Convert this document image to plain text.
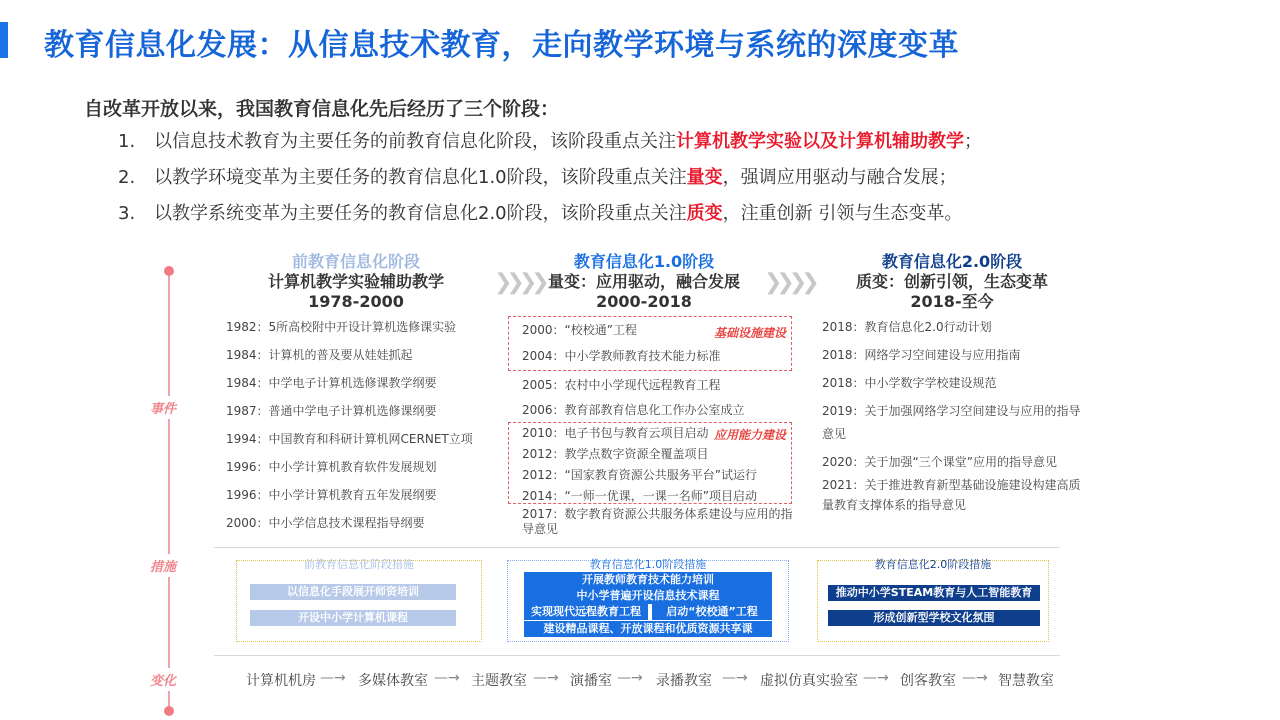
教育信息化发展：从信息技术教育，走向教学环境与系统的深度变革
自改革开放以来，我国教育信息化先后经历了三个阶段：
1. 以信息技术教育为主要任务的前教育信息化阶段，该阶段重点关注计算机教学实验以及计算机辅助教学；
2. 以教学环境变革为主要任务的教育信息化1.0阶段，该阶段重点关注量变，强调应用驱动与融合发展；
3. 以教学系统变革为主要任务的教育信息化2.0阶段，该阶段重点关注质变，注重创新 引领与生态变革。
前教育信息化阶段
计算机教学实验辅助教学
1978-2000
❯❯❯❯
教育信息化1.0阶段
量变：应用驱动，融合发展
2000-2018
❯❯❯❯
教育信息化2.0阶段
质变：创新引领，生态变革
2018-至今
事件
措施
变化
1982：5所高校附中开设计算机选修课实验
1984：计算机的普及要从娃娃抓起
1984：中学电子计算机选修课教学纲要
1987：普通中学电子计算机选修课纲要
1994：中国教育和科研计算机网CERNET立项
1996：中小学计算机教育软件发展规划
1996：中小学计算机教育五年发展纲要
2000：中小学信息技术课程指导纲要
基础设施建设
2000：“校校通”工程
2004：中小学教师教育技术能力标准
2005：农村中小学现代远程教育工程
2006：教育部教育信息化工作办公室成立
应用能力建设
2010：电子书包与教育云项目启动
2012：教学点数字资源全覆盖项目
2012：“国家教育资源公共服务平台”试运行
2014：“一师一优课，一课一名师”项目启动
2017：数字教育资源公共服务体系建设与应用的指
导意见
2018：教育信息化2.0行动计划
2018：网络学习空间建设与应用指南
2018：中小学数字学校建设规范
2019：关于加强网络学习空间建设与应用的指导
意见
2020：关于加强“三个课堂”应用的指导意见
2021：关于推进教育新型基础设施建设构建高质
量教育支撑体系的指导意见
前教育信息化阶段措施
以信息化手段展开师资培训
开设中小学计算机课程
教育信息化1.0阶段措施
开展教师教育技术能力培训
中小学普遍开设信息技术课程
实现现代远程教育工程	启动“校校通”工程
建设精品课程、开放课程和优质资源共享课
教育信息化2.0阶段措施
推动中小学STEAM教育与人工智能教育
形成创新型学校文化氛围
计算机机房 —→ 多媒体教室 —→ 主题教室 —→ 演播室 —→ 录播教室 —→ 虚拟仿真实验室 —→ 创客教室 —→ 智慧教室
